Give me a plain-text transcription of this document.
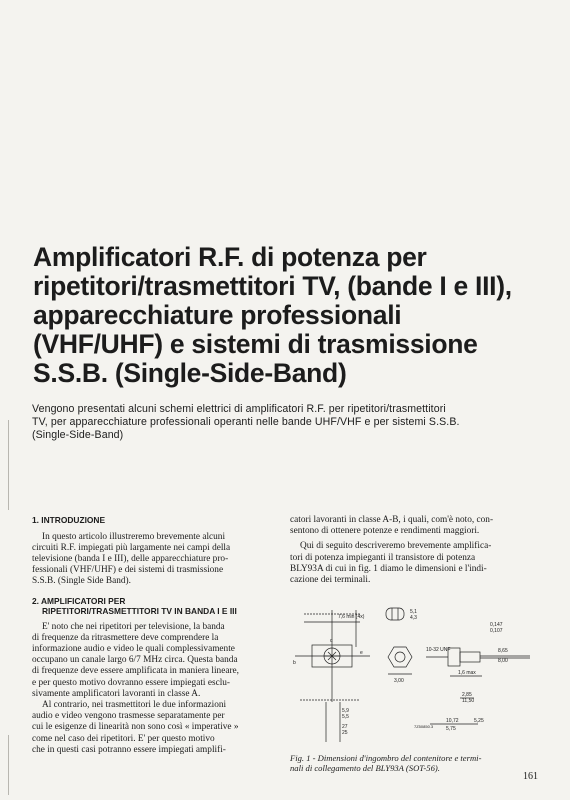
Amplificatori R.F. di potenza per
ripetitori/trasmettitori TV, (bande I e III),
apparecchiature professionali
(VHF/UHF) e sistemi di trasmissione
S.S.B. (Single-Side-Band)
Vengono presentati alcuni schemi elettrici di amplificatori R.F. per ripetitori/trasmettitori
TV, per apparecchiature professionali operanti nelle bande UHF/VHF e per sistemi S.S.B.
(Single-Side-Band)
1. INTRODUZIONE
In questo articolo illustreremo brevemente alcuni
circuiti R.F. impiegati più largamente nei campi della
televisione (banda I e III), delle apparecchiature pro-
fessionali (VHF/UHF) e dei sistemi di trasmissione
S.S.B. (Single Side Band).
2. AMPLIFICATORI PER
RIPETITORI/TRASMETTITORI TV IN BANDA I E III
E' noto che nei ripetitori per televisione, la banda
di frequenze da ritrasmettere deve comprendere la
informazione audio e video le quali complessivamente
occupano un canale largo 6/7 MHz circa. Questa banda
di frequenze deve essere amplificata in maniera lineare,
e per questo motivo dovranno essere impiegati esclu-
sivamente amplificatori lavoranti in classe A.
Al contrario, nei trasmettitori le due informazioni
audio e video vengono trasmesse separatamente per
cui le esigenze di linearità non sono così « imperative »
come nel caso dei ripetitori. E' per questo motivo
che in questi casi potranno essere impiegati amplifi-
catori lavoranti in classe A-B, i quali, com'è noto, con-
sentono di ottenere potenze e rendimenti maggiori.
Qui di seguito descriveremo brevemente amplifica-
tori di potenza impieganti il transistore di potenza
BLY93A di cui in fig. 1 diamo le dimensioni e l'indi-
cazione dei terminali.
7,6 min (4x)
b
e
c
5,9
5,5
27
25
5,1
4,3
3,00
10-32 UNF
0,147
0,107
8,65
8,00
1,6 max
2,85
11,50
10,72
5,75
5,25
7Z50850.3
Fig. 1 - Dimensioni d'ingombro del contenitore e termi-
nali di collegamento del BLY93A (SOT-56).
161
